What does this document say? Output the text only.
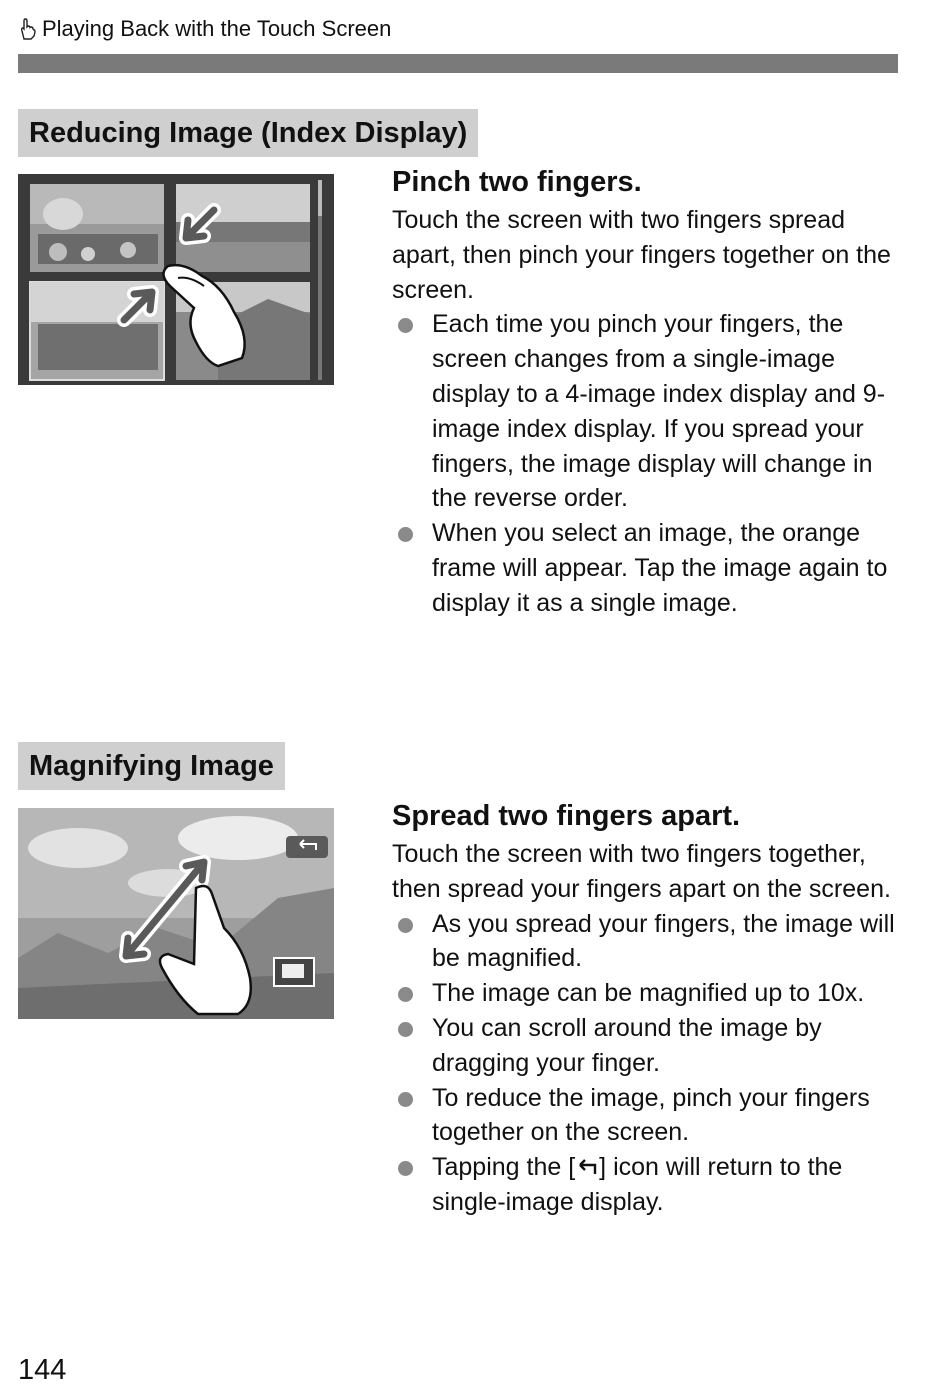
Playing Back with the Touch Screen
Reducing Image (Index Display)
Pinch two fingers.
Touch the screen with two fingers spread apart, then pinch your fingers together on the screen.
Each time you pinch your fingers, the screen changes from a single-image display to a 4-image index display and 9-image index display. If you spread your fingers, the image display will change in the reverse order.
When you select an image, the orange frame will appear. Tap the image again to display it as a single image.
Magnifying Image
Spread two fingers apart.
Touch the screen with two fingers together, then spread your fingers apart on the screen.
As you spread your fingers, the image will be magnified.
The image can be magnified up to 10x.
You can scroll around the image by dragging your finger.
To reduce the image, pinch your fingers together on the screen.
Tapping the [ ] icon will return to the single-image display.
144
